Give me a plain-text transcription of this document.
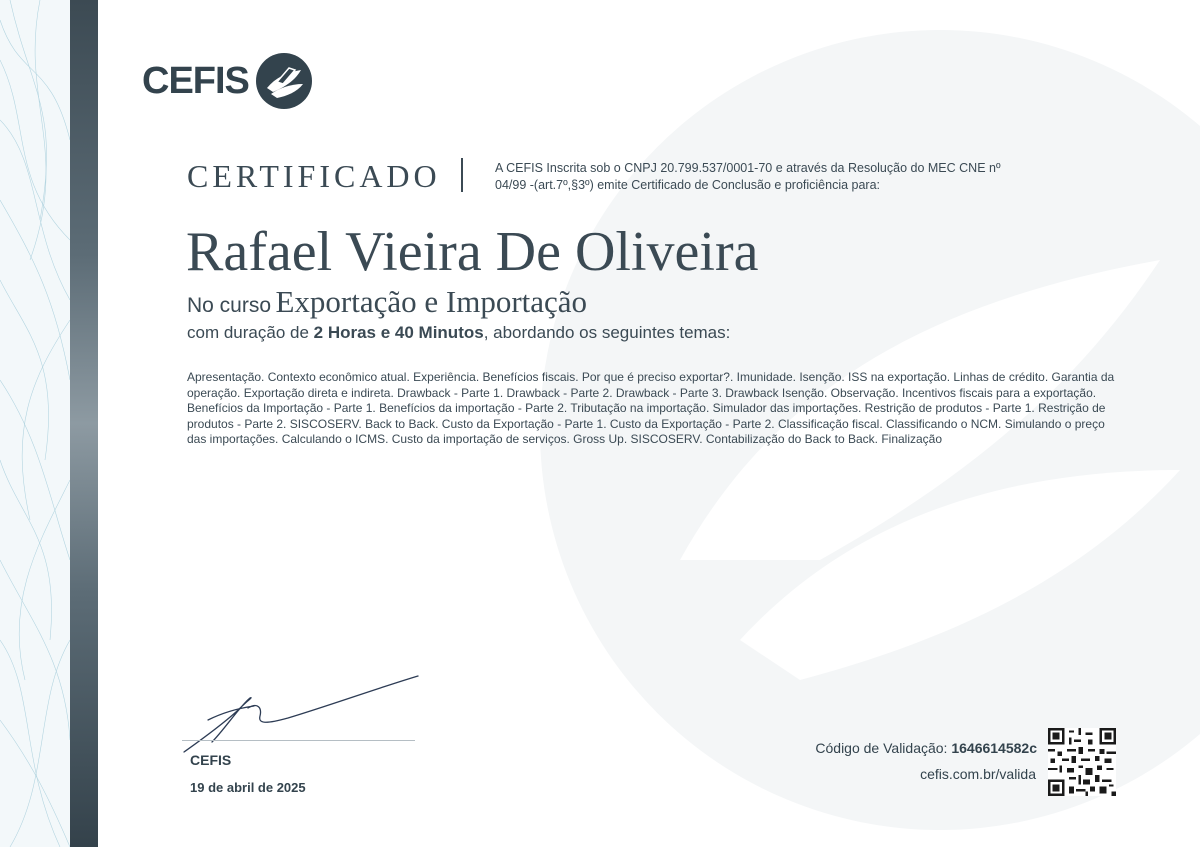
CEFIS
CERTIFICADO	A CEFIS Inscrita sob o CNPJ 20.799.537/0001-70 e através da Resolução do MEC CNE nº 04/99 -(art.7º,§3º) emite Certificado de Conclusão e proficiência para:
Rafael Vieira De Oliveira
No curso Exportação e Importação
com duração de 2 Horas e 40 Minutos, abordando os seguintes temas:
Apresentação. Contexto econômico atual. Experiência. Benefícios fiscais. Por que é preciso exportar?. Imunidade. Isenção. ISS na exportação. Linhas de crédito. Garantia da operação. Exportação direta e indireta. Drawback - Parte 1. Drawback - Parte 2. Drawback - Parte 3. Drawback Isenção. Observação. Incentivos fiscais para a exportação. Benefícios da Importação - Parte 1. Benefícios da importação - Parte 2. Tributação na importação. Simulador das importações. Restrição de produtos - Parte 1. Restrição de produtos - Parte 2. SISCOSERV. Back to Back. Custo da Exportação - Parte 1. Custo da Exportação - Parte 2. Classificação fiscal. Classificando o NCM. Simulando o preço das importações. Calculando o ICMS. Custo da importação de serviços. Gross Up. SISCOSERV. Contabilização do Back to Back. Finalização
CEFIS
19 de abril de 2025
Código de Validação: 1646614582c
cefis.com.br/valida
